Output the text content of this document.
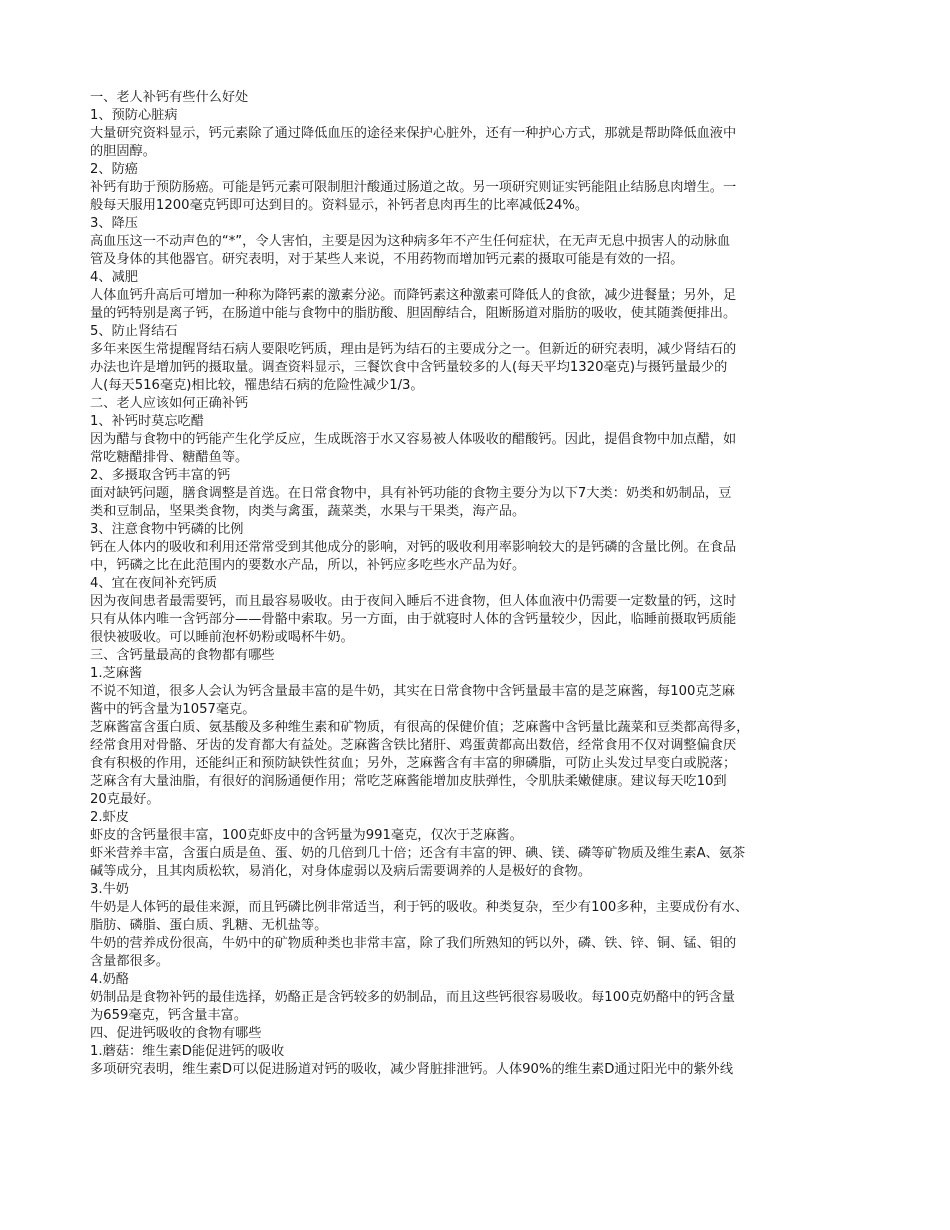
一、老人补钙有些什么好处
1、预防心脏病
大量研究资料显示，钙元素除了通过降低血压的途径来保护心脏外，还有一种护心方式，那就是帮助降低血液中
的胆固醇。
2、防癌
补钙有助于预防肠癌。可能是钙元素可限制胆汁酸通过肠道之故。另一项研究则证实钙能阻止结肠息肉增生。一
般每天服用1200毫克钙即可达到目的。资料显示，补钙者息肉再生的比率减低24%。
3、降压
高血压这一不动声色的“*”，令人害怕，主要是因为这种病多年不产生任何症状，在无声无息中损害人的动脉血
管及身体的其他器官。研究表明，对于某些人来说，不用药物而增加钙元素的摄取可能是有效的一招。
4、减肥
人体血钙升高后可增加一种称为降钙素的激素分泌。而降钙素这种激素可降低人的食欲，减少进餐量；另外，足
量的钙特别是离子钙，在肠道中能与食物中的脂肪酸、胆固醇结合，阻断肠道对脂肪的吸收，使其随粪便排出。
5、防止肾结石
多年来医生常提醒肾结石病人要限吃钙质，理由是钙为结石的主要成分之一。但新近的研究表明，减少肾结石的
办法也许是增加钙的摄取量。调查资料显示，三餐饮食中含钙量较多的人(每天平均1320毫克)与摄钙量最少的
人(每天516毫克)相比较，罹患结石病的危险性减少1/3。
二、老人应该如何正确补钙
1、补钙时莫忘吃醋
因为醋与食物中的钙能产生化学反应，生成既溶于水又容易被人体吸收的醋酸钙。因此，提倡食物中加点醋，如
常吃糖醋排骨、糖醋鱼等。
2、多摄取含钙丰富的钙
面对缺钙问题，膳食调整是首选。在日常食物中，具有补钙功能的食物主要分为以下7大类：奶类和奶制品，豆
类和豆制品，坚果类食物，肉类与禽蛋，蔬菜类，水果与干果类，海产品。
3、注意食物中钙磷的比例
钙在人体内的吸收和利用还常常受到其他成分的影响，对钙的吸收利用率影响较大的是钙磷的含量比例。在食品
中，钙磷之比在此范围内的要数水产品，所以，补钙应多吃些水产品为好。
4、宜在夜间补充钙质
因为夜间患者最需要钙，而且最容易吸收。由于夜间入睡后不进食物，但人体血液中仍需要一定数量的钙，这时
只有从体内唯一含钙部分——骨骼中索取。另一方面，由于就寝时人体的含钙量较少，因此，临睡前摄取钙质能
很快被吸收。可以睡前泡杯奶粉或喝杯牛奶。
三、含钙量最高的食物都有哪些
1.芝麻酱
不说不知道，很多人会认为钙含量最丰富的是牛奶，其实在日常食物中含钙量最丰富的是芝麻酱，每100克芝麻
酱中的钙含量为1057毫克。
芝麻酱富含蛋白质、氨基酸及多种维生素和矿物质，有很高的保健价值；芝麻酱中含钙量比蔬菜和豆类都高得多，
经常食用对骨骼、牙齿的发育都大有益处。芝麻酱含铁比猪肝、鸡蛋黄都高出数倍，经常食用不仅对调整偏食厌
食有积极的作用，还能纠正和预防缺铁性贫血；另外，芝麻酱含有丰富的卵磷脂，可防止头发过早变白或脱落；
芝麻含有大量油脂，有很好的润肠通便作用；常吃芝麻酱能增加皮肤弹性，令肌肤柔嫩健康。建议每天吃10到
20克最好。
2.虾皮
虾皮的含钙量很丰富，100克虾皮中的含钙量为991毫克，仅次于芝麻酱。
虾米营养丰富，含蛋白质是鱼、蛋、奶的几倍到几十倍；还含有丰富的钾、碘、镁、磷等矿物质及维生素A、氨茶
碱等成分，且其肉质松软，易消化，对身体虚弱以及病后需要调养的人是极好的食物。
3.牛奶
牛奶是人体钙的最佳来源，而且钙磷比例非常适当，利于钙的吸收。种类复杂，至少有100多种，主要成份有水、
脂肪、磷脂、蛋白质、乳糖、无机盐等。
牛奶的营养成份很高，牛奶中的矿物质种类也非常丰富，除了我们所熟知的钙以外，磷、铁、锌、铜、锰、钼的
含量都很多。
4.奶酪
奶制品是食物补钙的最佳选择，奶酪正是含钙较多的奶制品，而且这些钙很容易吸收。每100克奶酪中的钙含量
为659毫克，钙含量丰富。
四、促进钙吸收的食物有哪些
1.蘑菇：维生素D能促进钙的吸收
多项研究表明，维生素D可以促进肠道对钙的吸收，减少肾脏排泄钙。人体90%的维生素D通过阳光中的紫外线
